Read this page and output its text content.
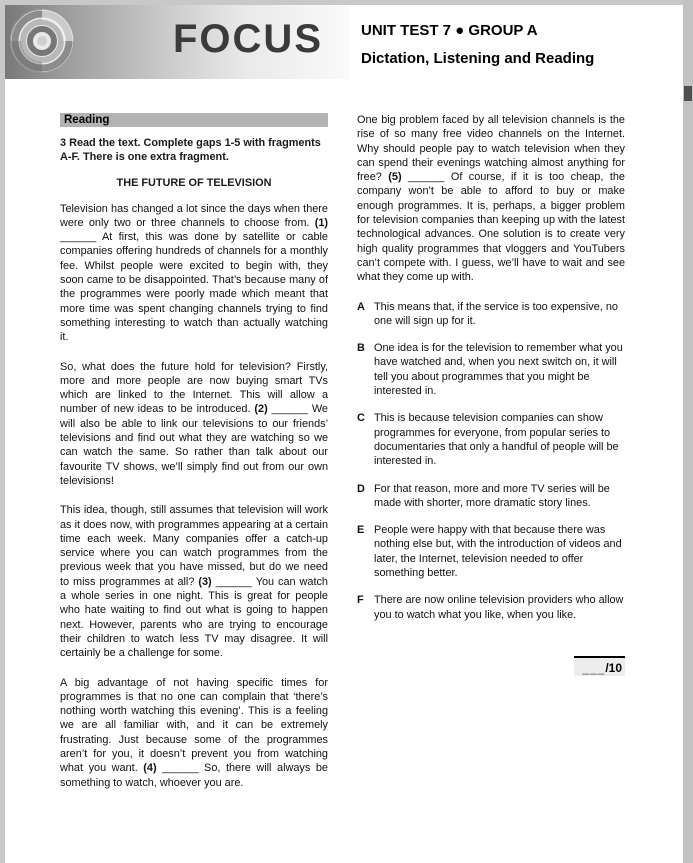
FOCUS	UNIT TEST 7 ● GROUP A
Dictation, Listening and Reading
Reading
3 Read the text. Complete gaps 1-5 with fragments A-F. There is one extra fragment.
THE FUTURE OF TELEVISION

Television has changed a lot since the days when there were only two or three channels to choose from. (1) ______ At first, this was done by satellite or cable companies offering hundreds of channels for a monthly fee. Whilst people were excited to begin with, they soon came to be disappointed. That’s because many of the programmes were poorly made which meant that more time was spent changing channels trying to find something interesting to watch than actually watching it.

So, what does the future hold for television? Firstly, more and more people are now buying smart TVs which are linked to the Internet. This will allow a number of new ideas to be introduced. (2) ______ We will also be able to link our televisions to our friends’ televisions and find out what they are watching so we can watch the same. So rather than talk about our favourite TV shows, we’ll simply find out from our own televisions!

This idea, though, still assumes that television will work as it does now, with programmes appearing at a certain time each week. Many companies offer a catch-up service where you can watch programmes from the previous week that you have missed, but do we need to miss programmes at all? (3) ______ You can watch a whole series in one night. This is great for people who hate waiting to find out what is going to happen next. However, parents who are trying to encourage their children to watch less TV may disagree. It will certainly be a challenge for some.

A big advantage of not having specific times for programmes is that no one can complain that ‘there’s nothing worth watching this evening’. This is a feeling we are all familiar with, and it can be extremely frustrating. Just because some of the programmes aren’t for you, it doesn’t prevent you from watching what you want. (4) ______ So, there will always be something to watch, whoever you are.

One big problem faced by all television channels is the rise of so many free video channels on the Internet. Why should people pay to watch television when they can spend their evenings watching almost anything for free? (5) ______ Of course, if it is too cheap, the company won’t be able to afford to buy or make enough programmes. It is, perhaps, a bigger problem for television companies than keeping up with the latest technological advances. One solution is to create very high quality programmes that vloggers and YouTubers can’t compete with. I guess, we’ll have to wait and see what they come up with.

A This means that, if the service is too expensive, no one will sign up for it.
B One idea is for the television to remember what you have watched and, when you next switch on, it will tell you about programmes that you might be interested in.
C This is because television companies can show programmes for everyone, from popular series to documentaries that only a handful of people will be interested in.
D For that reason, more and more TV series will be made with shorter, more dramatic story lines.
E People were happy with that because there was nothing else but, with the introduction of videos and later, the Internet, television needed to offer something better.
F There are now online television providers who allow you to watch what you like, when you like.
___ /10
